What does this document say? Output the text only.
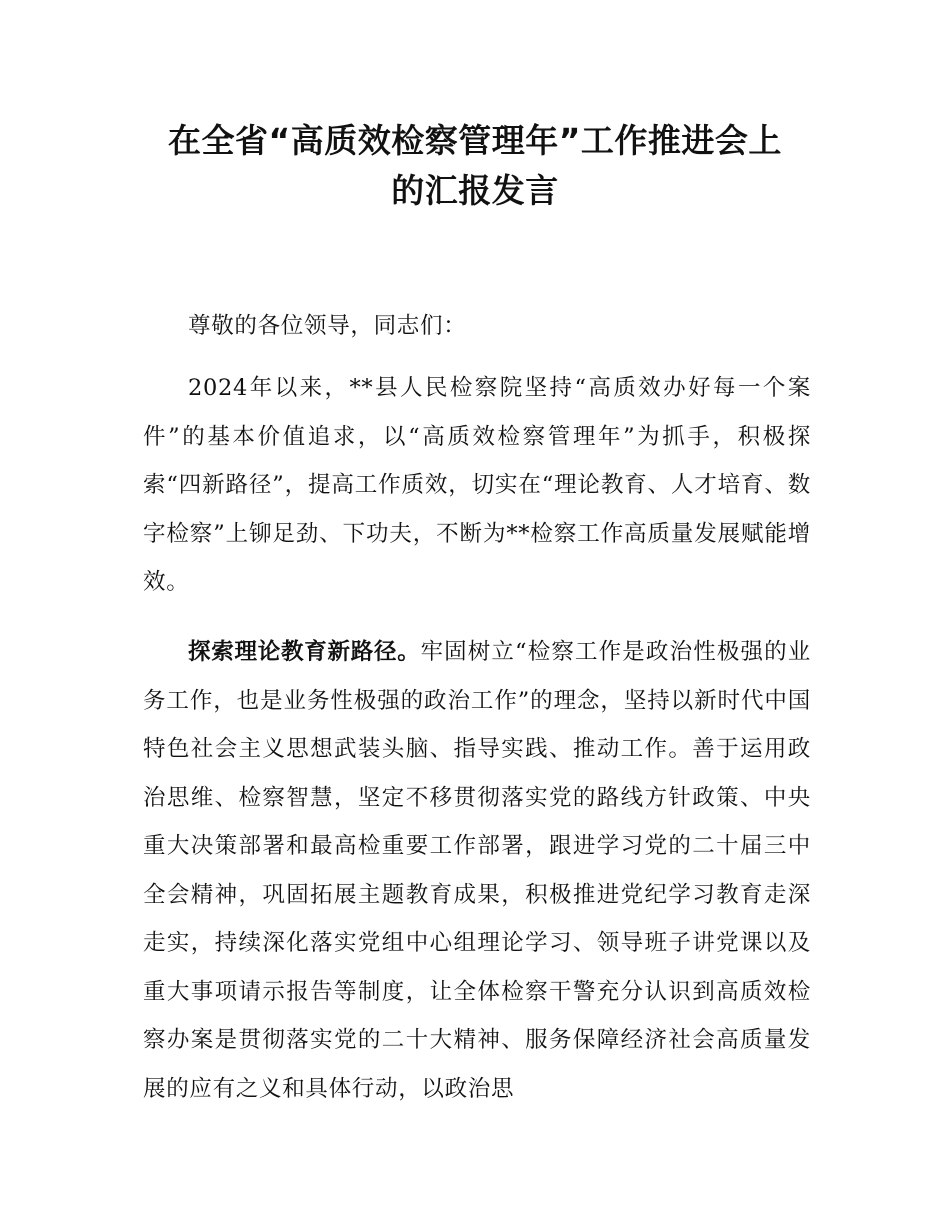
在全省“高质效检察管理年”工作推进会上
的汇报发言

尊敬的各位领导，同志们：

2024年以来，**县人民检察院坚持“高质效办好每一个案件”的基本价值追求，以“高质效检察管理年”为抓手，积极探索“四新路径”，提高工作质效，切实在“理论教育、人才培育、数字检察”上铆足劲、下功夫，不断为**检察工作高质量发展赋能增效。

探索理论教育新路径。牢固树立“检察工作是政治性极强的业务工作，也是业务性极强的政治工作”的理念，坚持以新时代中国特色社会主义思想武装头脑、指导实践、推动工作。善于运用政治思维、检察智慧，坚定不移贯彻落实党的路线方针政策、中央重大决策部署和最高检重要工作部署，跟进学习党的二十届三中全会精神，巩固拓展主题教育成果，积极推进党纪学习教育走深走实，持续深化落实党组中心组理论学习、领导班子讲党课以及重大事项请示报告等制度，让全体检察干警充分认识到高质效检察办案是贯彻落实党的二十大精神、服务保障经济社会高质量发展的应有之义和具体行动，以政治思
